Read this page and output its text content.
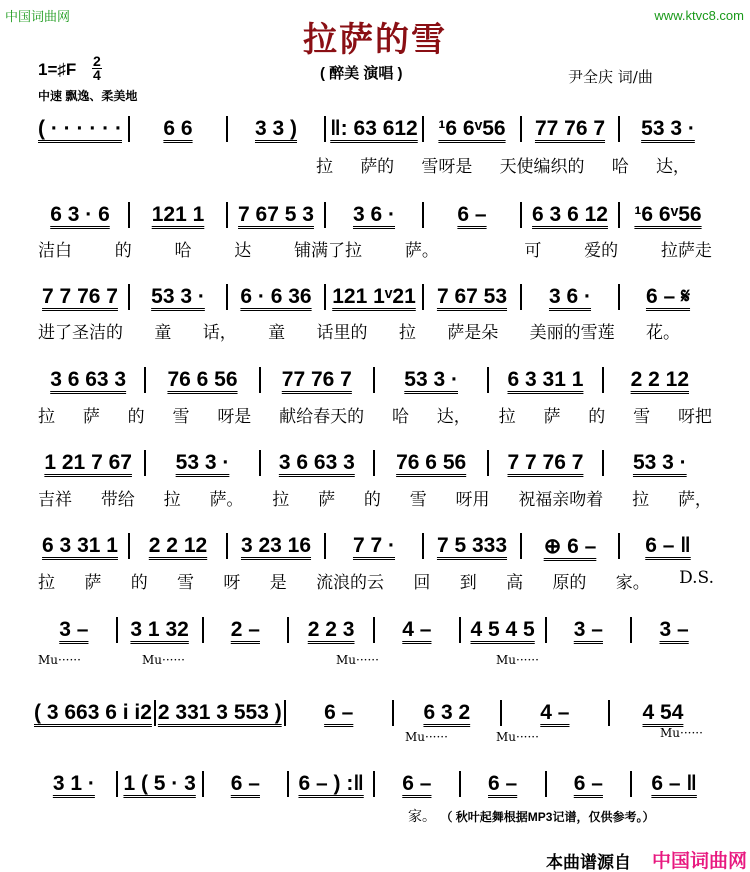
中国词曲网	www.ktvc8.com
拉萨的雪
1=♯F 2
4
中速 飘逸、柔美地
( 醉美 演唱 )	尹全庆 词/曲
( · · · · · ·	6 6	3 3 )	‖: 63 612 ¹6 6ᵛ56	77 76 7	53 3 ·
拉 萨的 雪呀是 天使编织的 哈 达，
6 3 · 6	121 1	7 67 5 3	3 6 ·	6 –	6 3 6 12	¹6 6ᵛ56
洁白	的	哈	达	铺满了拉	萨。	可	爱的	拉萨走
7 7 76 7	53 3 ·	6 · 6 36 121 1ᵛ21	7 67 53	3 6 ·	6 – 𝄋
进了圣洁的 童 话， 童 话里的 拉 萨是朵 美丽的雪莲 花。
3 6 63 3	76 6 56	77 76 7	53 3 ·	6 3 31 1	2 2 12
拉 萨 的 雪 呀是 献给春天的 哈 达， 拉 萨 的 雪 呀把
1 21 7 67	53 3 ·	3 6 63 3	76 6 56	7 7 76 7	53 3 ·
吉祥 带给 拉 萨。 拉 萨 的 雪 呀用 祝福亲吻着 拉 萨，
6 3 31 1	2 2 12	3 23 16	7 7 ·	7 5 333	⊕ 6 –	6 – ‖
拉 萨 的 雪 呀 是 流浪的云 回 到 高 原的 家。 D.S.
3 –	3 1 32	2 –	2 2 3	4 –	4 5 4 5	3 –	3 –
Mu······	Mu······	Mu······	Mu······
( 3 663 6 i i2 2 331 3 553 )	6 –	6 3 2	4 –	4 54
Mu······	Mu······	Mu······
3 1 ·	1 ( 5 · 3	6 –	6 – ) :‖	6 –	6 –	6 –	6 – ‖
家。 （ 秋叶起舞根据MP3记谱，仅供参考。）
本曲谱源自 中国词曲网
